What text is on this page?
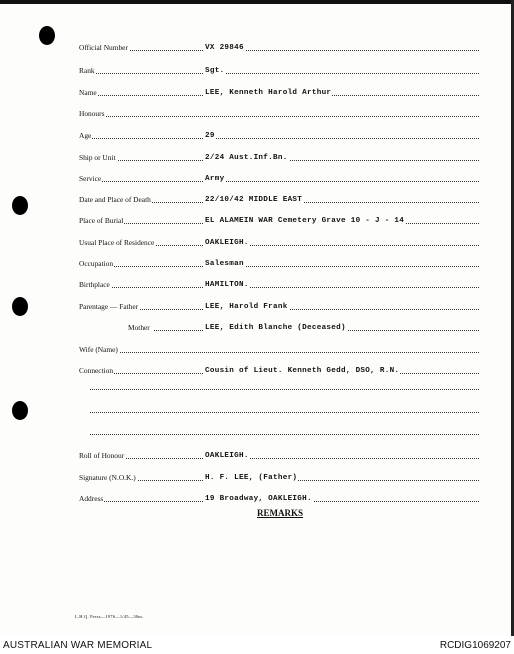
Official Number	VX 29846
Rank	Sgt.
Name	LEE, Kenneth Harold Arthur
Honours
Age	29
Ship or Unit	2/24 Aust.Inf.Bn.
Service	Army
Date and Place of Death	22/10/42 MIDDLE EAST
Place of Burial	EL ALAMEIN WAR Cemetery Grave 10 - J - 14
Usual Place of Residence	OAKLEIGH.
Occupation	Salesman
Birthplace	HAMILTON.
Parentage — Father	LEE, Harold Frank
Mother	LEE, Edith Blanche (Deceased)
Wife (Name)
Connection	Cousin of Lieut. Kenneth Gedd, DSO, R.N.
Roll of Honour	OAKLEIGH.
Signature (N.O.K.)	H. F. LEE, (Father)
Address	19 Broadway, OAKLEIGH.
REMARKS
L.H.Q. Press—1976—1/45—30m.
AUSTRALIAN WAR MEMORIAL	RCDIG1069207
